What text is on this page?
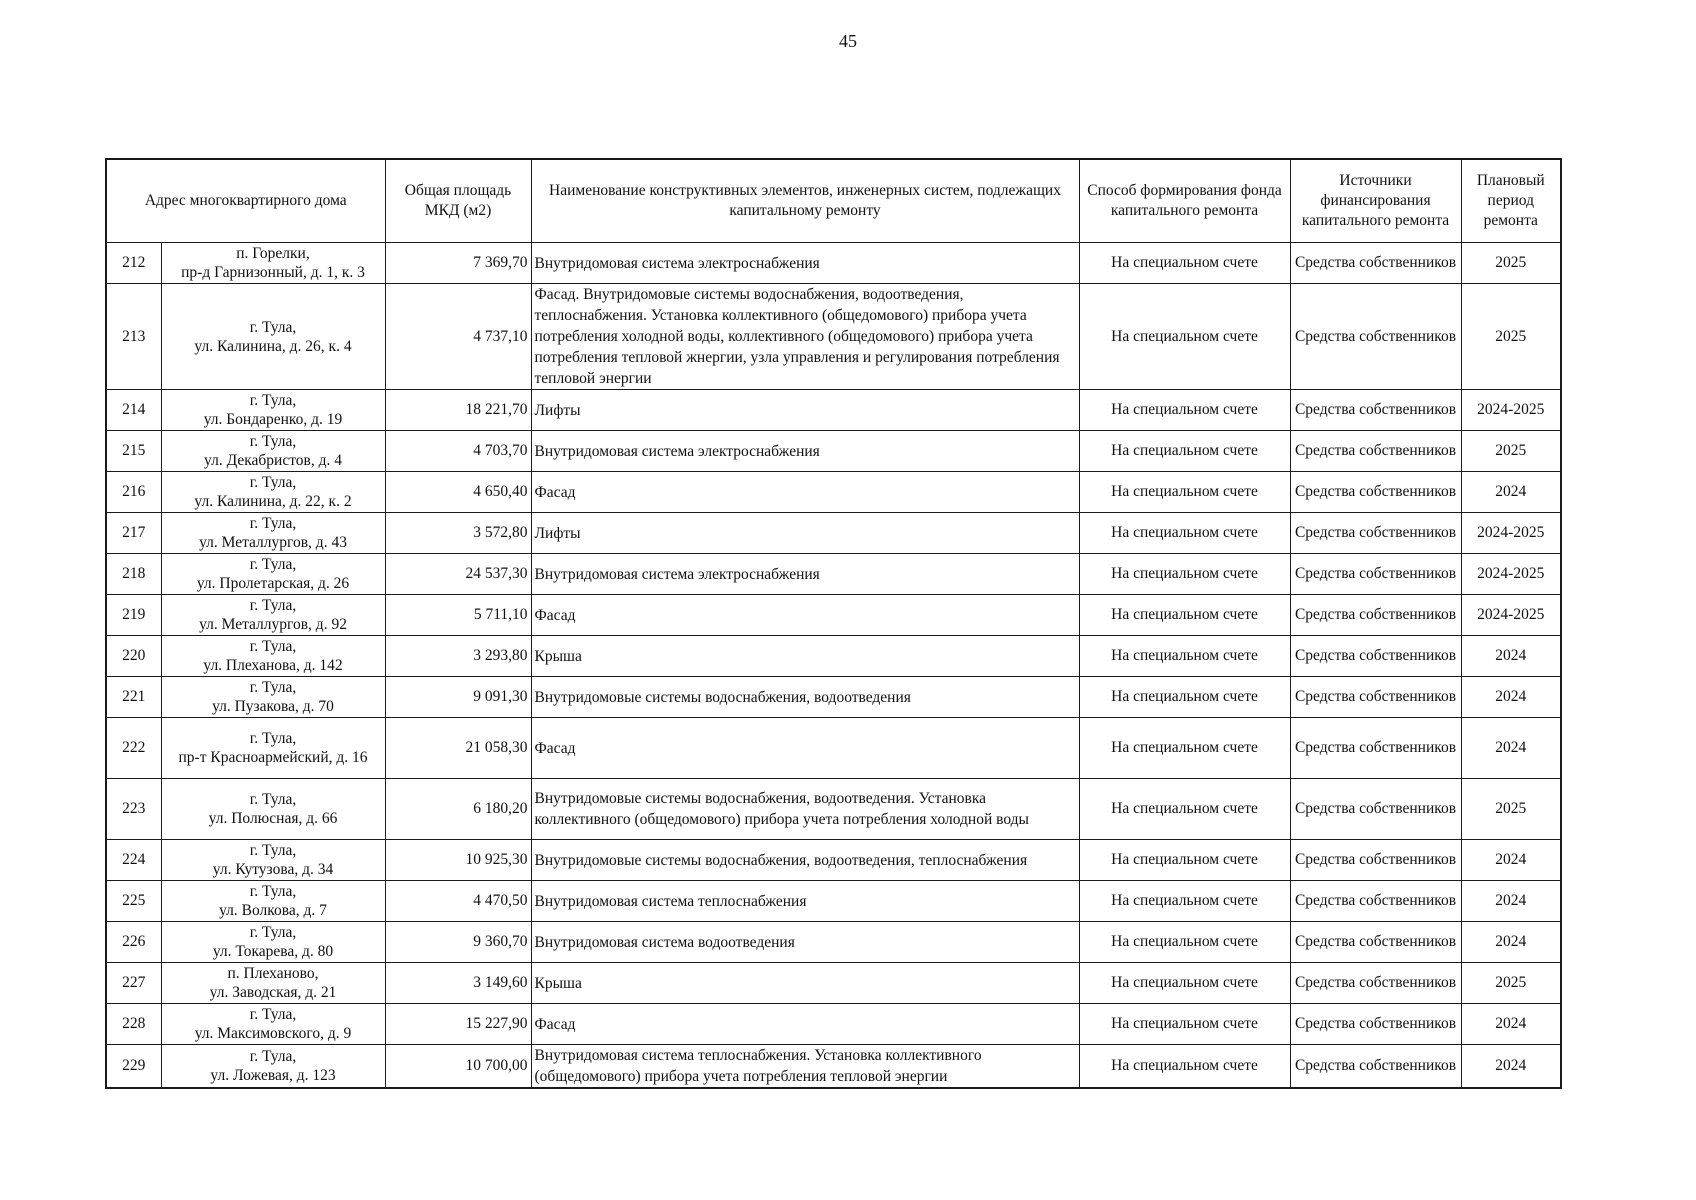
45
Адрес многоквартирного дома		Общая площадь МКД (м2)	Наименование конструктивных элементов, инженерных систем, подлежащих капитальному ремонту	Способ формирования фонда капитального ремонта	Источники финансирования капитального ремонта	Плановый период ремонта
212	п. Горелки,
пр-д Гарнизонный, д. 1, к. 3	7 369,70	Внутридомовая система электроснабжения	На специальном счете	Средства собственников	2025
213	г. Тула,
ул. Калинина, д. 26, к. 4	4 737,10	Фасад. Внутридомовые системы водоснабжения, водоотведения, теплоснабжения. Установка коллективного (общедомового) прибора учета потребления холодной воды, коллективного (общедомового) прибора учета потребления тепловой жнергии, узла управления и регулирования потребления тепловой энергии	На специальном счете	Средства собственников	2025
214	г. Тула,
ул. Бондаренко, д. 19	18 221,70	Лифты	На специальном счете	Средства собственников	2024-2025
215	г. Тула,
ул. Декабристов, д. 4	4 703,70	Внутридомовая система электроснабжения	На специальном счете	Средства собственников	2025
216	г. Тула,
ул. Калинина, д. 22, к. 2	4 650,40	Фасад	На специальном счете	Средства собственников	2024
217	г. Тула,
ул. Металлургов, д. 43	3 572,80	Лифты	На специальном счете	Средства собственников	2024-2025
218	г. Тула,
ул. Пролетарская, д. 26	24 537,30	Внутридомовая система электроснабжения	На специальном счете	Средства собственников	2024-2025
219	г. Тула,
ул. Металлургов, д. 92	5 711,10	Фасад	На специальном счете	Средства собственников	2024-2025
220	г. Тула,
ул. Плеханова, д. 142	3 293,80	Крыша	На специальном счете	Средства собственников	2024
221	г. Тула,
ул. Пузакова, д. 70	9 091,30	Внутридомовые системы водоснабжения, водоотведения	На специальном счете	Средства собственников	2024
222	г. Тула,
пр-т Красноармейский, д. 16	21 058,30	Фасад	На специальном счете	Средства собственников	2024
223	г. Тула,
ул. Полюсная, д. 66	6 180,20	Внутридомовые системы водоснабжения, водоотведения. Установка коллективного (общедомового) прибора учета потребления холодной воды	На специальном счете	Средства собственников	2025
224	г. Тула,
ул. Кутузова, д. 34	10 925,30	Внутридомовые системы водоснабжения, водоотведения, теплоснабжения	На специальном счете	Средства собственников	2024
225	г. Тула,
ул. Волкова, д. 7	4 470,50	Внутридомовая система теплоснабжения	На специальном счете	Средства собственников	2024
226	г. Тула,
ул. Токарева, д. 80	9 360,70	Внутридомовая система водоотведения	На специальном счете	Средства собственников	2024
227	п. Плеханово,
ул. Заводская, д. 21	3 149,60	Крыша	На специальном счете	Средства собственников	2025
228	г. Тула,
ул. Максимовского, д. 9	15 227,90	Фасад	На специальном счете	Средства собственников	2024
229	г. Тула,
ул. Ложевая, д. 123	10 700,00	Внутридомовая система теплоснабжения. Установка коллективного (общедомового) прибора учета потребления тепловой энергии	На специальном счете	Средства собственников	2024
